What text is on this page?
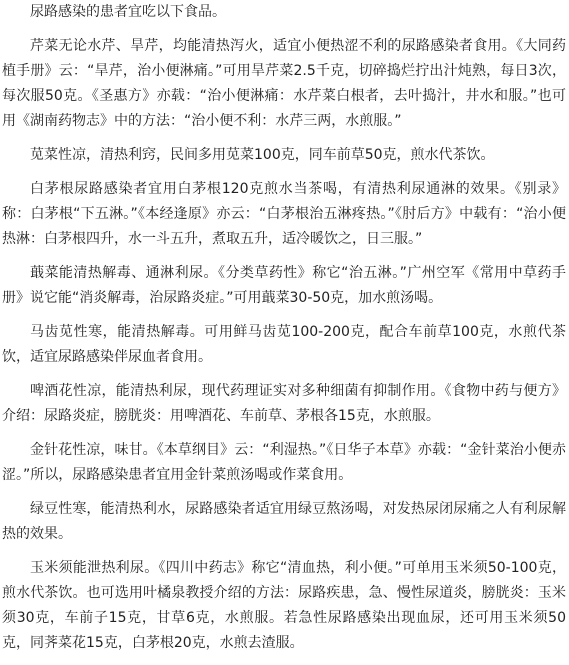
尿路感染的患者宜吃以下食品。

芹菜无论水芹、旱芹，均能清热泻火，适宜小便热涩不利的尿路感染者食用。《大同药植手册》云：“旱芹，治小便淋痛。”可用旱芹菜2.5千克，切碎捣烂拧出汁炖熟，每日3次，每次服50克。《圣惠方》亦载：“治小便淋痛：水芹菜白根者，去叶捣汁，井水和服。”也可用《湖南药物志》中的方法：“治小便不利：水芹三两，水煎服。”

苋菜性凉，清热利窍，民间多用苋菜100克，同车前草50克，煎水代茶饮。

白茅根尿路感染者宜用白茅根120克煎水当茶喝，有清热利尿通淋的效果。《别录》称：白茅根“下五淋。”《本经逢原》亦云：“白茅根治五淋疼热。”《肘后方》中载有：“治小便热淋：白茅根四升，水一斗五升，煮取五升，适冷暖饮之，日三服。”

蕺菜能清热解毒、通淋利尿。《分类草药性》称它“治五淋。”广州空军《常用中草药手册》说它能“消炎解毒，治尿路炎症。”可用蕺菜30-50克，加水煎汤喝。

马齿苋性寒，能清热解毒。可用鲜马齿苋100-200克，配合车前草100克，水煎代茶饮，适宜尿路感染伴尿血者食用。

啤酒花性凉，能清热利尿，现代药理证实对多种细菌有抑制作用。《食物中药与便方》介绍：尿路炎症，膀胱炎：用啤酒花、车前草、茅根各15克，水煎服。

金针花性凉，味甘。《本草纲目》云：“利湿热。”《日华子本草》亦载：“金针菜治小便赤涩。”所以，尿路感染患者宜用金针菜煎汤喝或作菜食用。

绿豆性寒，能清热利水，尿路感染者适宜用绿豆熬汤喝，对发热尿闭尿痛之人有利尿解热的效果。

玉米须能泄热利尿。《四川中药志》称它“清血热，利小便。”可单用玉米须50-100克，煎水代茶饮。也可选用叶橘泉教授介绍的方法：尿路疾患，急、慢性尿道炎，膀胱炎：玉米须30克，车前子15克，甘草6克，水煎服。若急性尿路感染出现血尿，还可用玉米须50克，同荠菜花15克，白茅根20克，水煎去渣服。
